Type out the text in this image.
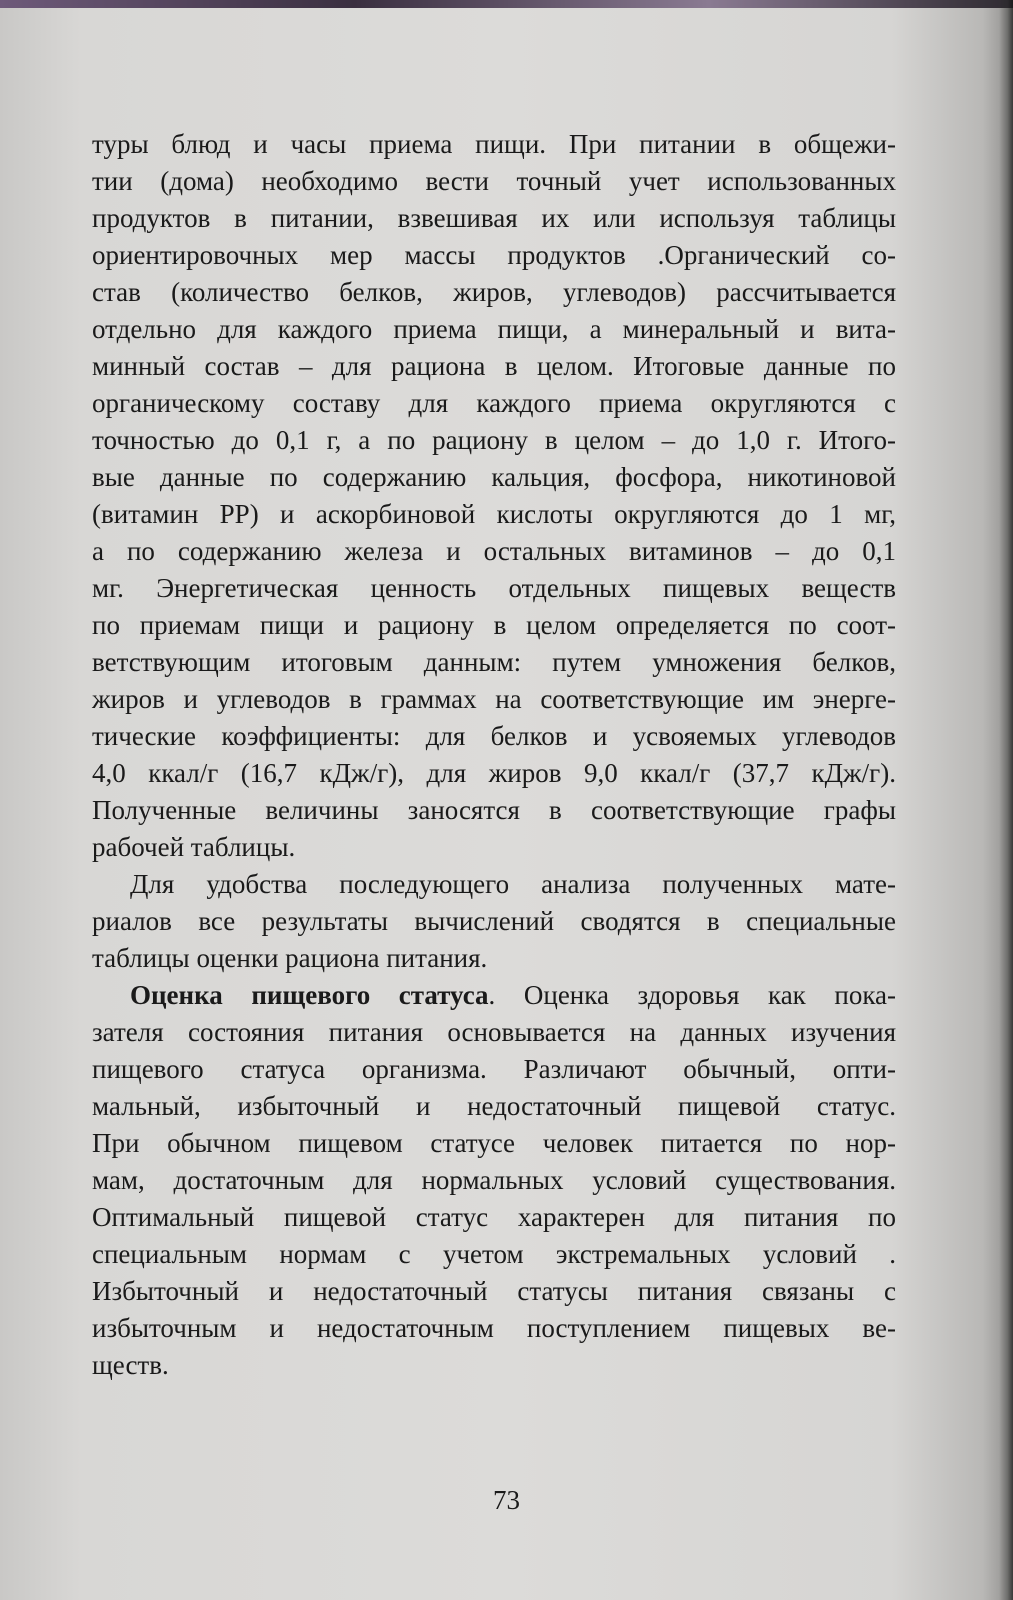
туры блюд и часы приема пищи. При питании в общежи-
тии (дома) необходимо вести точный учет использованных
продуктов в питании, взвешивая их или используя таблицы
ориентировочных мер массы продуктов .Органический со-
став (количество белков, жиров, углеводов) рассчитывается
отдельно для каждого приема пищи, а минеральный и вита-
минный состав – для рациона в целом. Итоговые данные по
органическому составу для каждого приема округляются с
точностью до 0,1 г, а по рациону в целом – до 1,0 г. Итого-
вые данные по содержанию кальция, фосфора, никотиновой
(витамин РР) и аскорбиновой кислоты округляются до 1 мг,
а по содержанию железа и остальных витаминов – до 0,1
мг. Энергетическая ценность отдельных пищевых веществ
по приемам пищи и рациону в целом определяется по соот-
ветствующим итоговым данным: путем умножения белков,
жиров и углеводов в граммах на соответствующие им энерге-
тические коэффициенты: для белков и усвояемых углеводов
4,0 ккал/г (16,7 кДж/г), для жиров 9,0 ккал/г (37,7 кДж/г).
Полученные величины заносятся в соответствующие графы
рабочей таблицы.
Для удобства последующего анализа полученных мате-
риалов все результаты вычислений сводятся в специальные
таблицы оценки рациона питания.
Оценка пищевого статуса. Оценка здоровья как пока-
зателя состояния питания основывается на данных изучения
пищевого статуса организма. Различают обычный, опти-
мальный, избыточный и недостаточный пищевой статус.
При обычном пищевом статусе человек питается по нор-
мам, достаточным для нормальных условий существования.
Оптимальный пищевой статус характерен для питания по
специальным нормам с учетом экстремальных условий .
Избыточный и недостаточный статусы питания связаны с
избыточным и недостаточным поступлением пищевых ве-
ществ.
73
